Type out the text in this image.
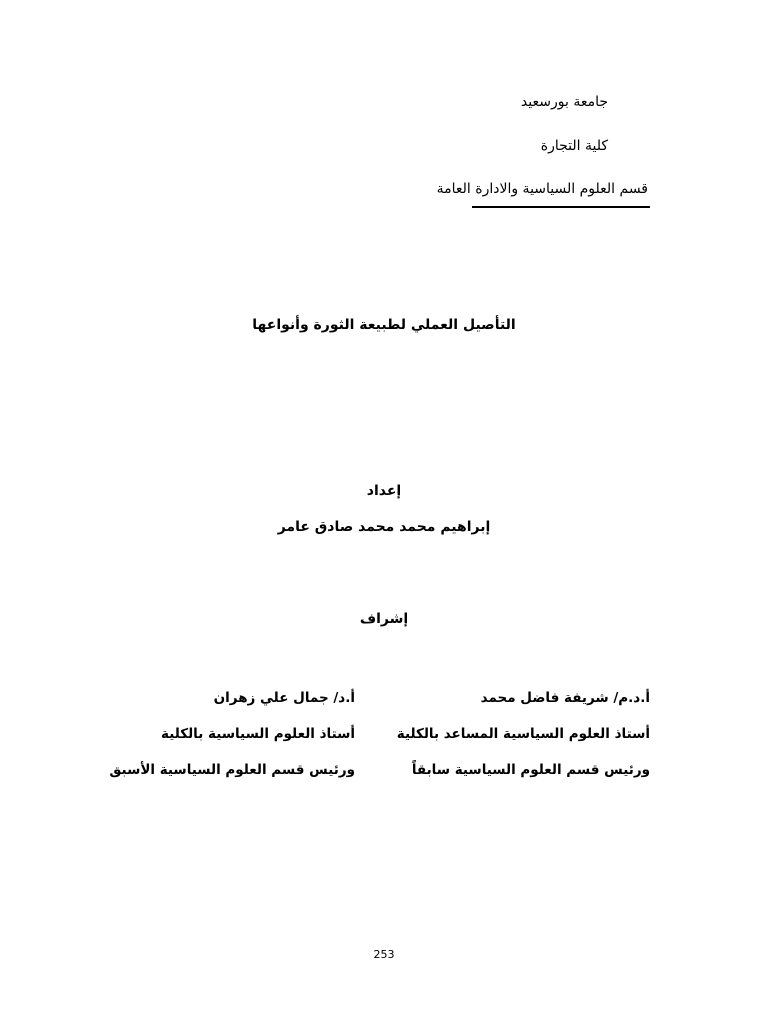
جامعة بورسعيد
كلية التجارة
قسم العلوم السياسية والادارة العامة
التأصيل العملي لطبيعة الثورة وأنواعها
إعداد
إبراهيم محمد محمد صادق عامر
إشراف
أ.د.م/ شريفة فاضل محمد
أستاذ العلوم السياسية المساعد بالكلية
ورئيس قسم العلوم السياسية سابقاً
أ.د/ جمال علي زهران
أستاذ العلوم السياسية بالكلية
ورئيس قسم العلوم السياسية الأسبق
253
